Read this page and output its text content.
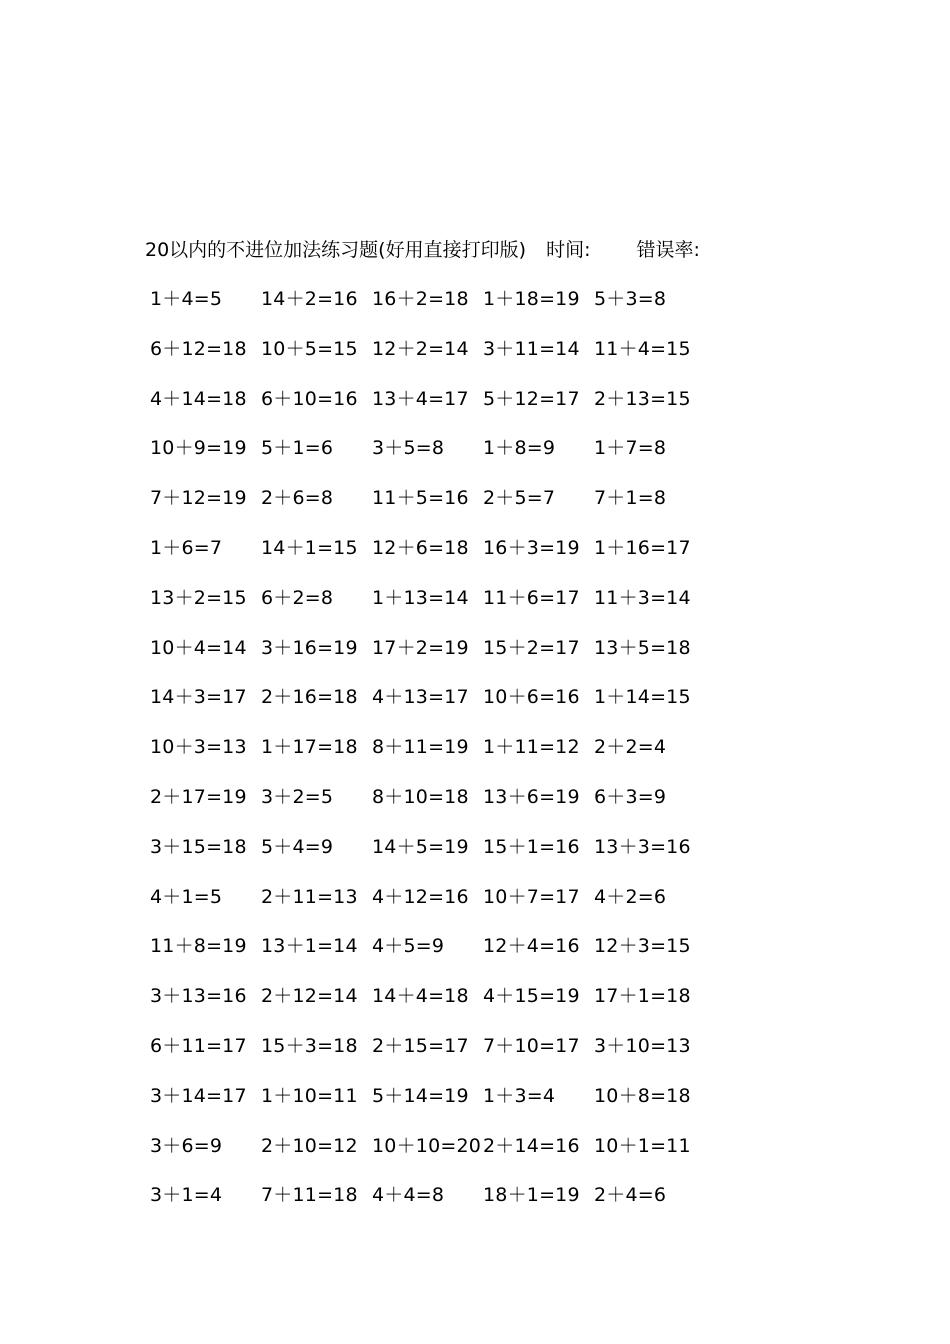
20以内的不进位加法练习题(好用直接打印版) 时间: 错误率:
1＋4=5	14＋2=16 16＋2=18 1＋18=19 5＋3=8
6＋12=18 10＋5=15 12＋2=14 3＋11=14 11＋4=15
4＋14=18 6＋10=16 13＋4=17 5＋12=17 2＋13=15
10＋9=19 5＋1=6	3＋5=8	1＋8=9	1＋7=8
7＋12=19 2＋6=8	11＋5=16 2＋5=7	7＋1=8
1＋6=7	14＋1=15 12＋6=18 16＋3=19 1＋16=17
13＋2=15 6＋2=8	1＋13=14 11＋6=17 11＋3=14
10＋4=14 3＋16=19 17＋2=19 15＋2=17 13＋5=18
14＋3=17 2＋16=18 4＋13=17 10＋6=16 1＋14=15
10＋3=13 1＋17=18 8＋11=19 1＋11=12 2＋2=4
2＋17=19 3＋2=5	8＋10=18 13＋6=19 6＋3=9
3＋15=18 5＋4=9	14＋5=19 15＋1=16 13＋3=16
4＋1=5	2＋11=13 4＋12=16 10＋7=17 4＋2=6
11＋8=19 13＋1=14 4＋5=9	12＋4=16 12＋3=15
3＋13=16 2＋12=14 14＋4=18 4＋15=19 17＋1=18
6＋11=17 15＋3=18 2＋15=17 7＋10=17 3＋10=13
3＋14=17 1＋10=11 5＋14=19 1＋3=4	10＋8=18
3＋6=9	2＋10=12 10＋10=20 2＋14=16 10＋1=11
3＋1=4	7＋11=18 4＋4=8	18＋1=19 2＋4=6
